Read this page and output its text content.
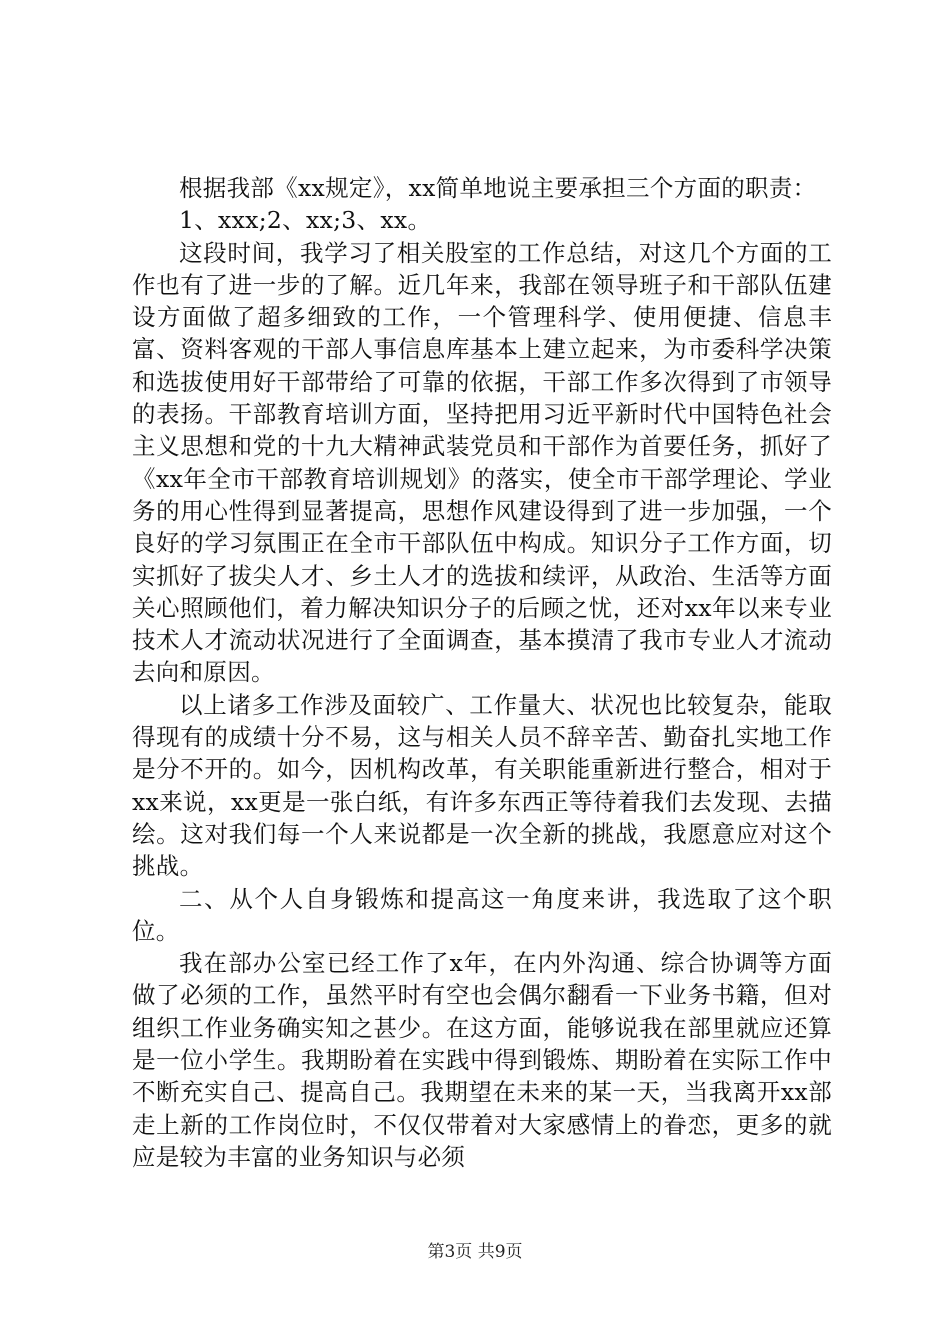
根据我部《xx规定》，xx简单地说主要承担三个方面的职责：

1、xxx;2、xx;3、xx。

这段时间，我学习了相关股室的工作总结，对这几个方面的工作也有了进一步的了解。近几年来，我部在领导班子和干部队伍建设方面做了超多细致的工作，一个管理科学、使用便捷、信息丰富、资料客观的干部人事信息库基本上建立起来，为市委科学决策和选拔使用好干部带给了可靠的依据，干部工作多次得到了市领导的表扬。干部教育培训方面，坚持把用习近平新时代中国特色社会主义思想和党的十九大精神武装党员和干部作为首要任务，抓好了《xx年全市干部教育培训规划》的落实，使全市干部学理论、学业务的用心性得到显著提高，思想作风建设得到了进一步加强，一个良好的学习氛围正在全市干部队伍中构成。知识分子工作方面，切实抓好了拔尖人才、乡土人才的选拔和续评，从政治、生活等方面关心照顾他们，着力解决知识分子的后顾之忧，还对xx年以来专业技术人才流动状况进行了全面调查，基本摸清了我市专业人才流动去向和原因。

以上诸多工作涉及面较广、工作量大、状况也比较复杂，能取得现有的成绩十分不易，这与相关人员不辞辛苦、勤奋扎实地工作是分不开的。如今，因机构改革，有关职能重新进行整合，相对于xx来说，xx更是一张白纸，有许多东西正等待着我们去发现、去描绘。这对我们每一个人来说都是一次全新的挑战，我愿意应对这个挑战。

二、从个人自身锻炼和提高这一角度来讲，我选取了这个职位。

我在部办公室已经工作了x年，在内外沟通、综合协调等方面做了必须的工作，虽然平时有空也会偶尔翻看一下业务书籍，但对组织工作业务确实知之甚少。在这方面，能够说我在部里就应还算是一位小学生。我期盼着在实践中得到锻炼、期盼着在实际工作中不断充实自己、提高自己。我期望在未来的某一天，当我离开xx部走上新的工作岗位时，不仅仅带着对大家感情上的眷恋，更多的就应是较为丰富的业务知识与必须

第3页 共9页
